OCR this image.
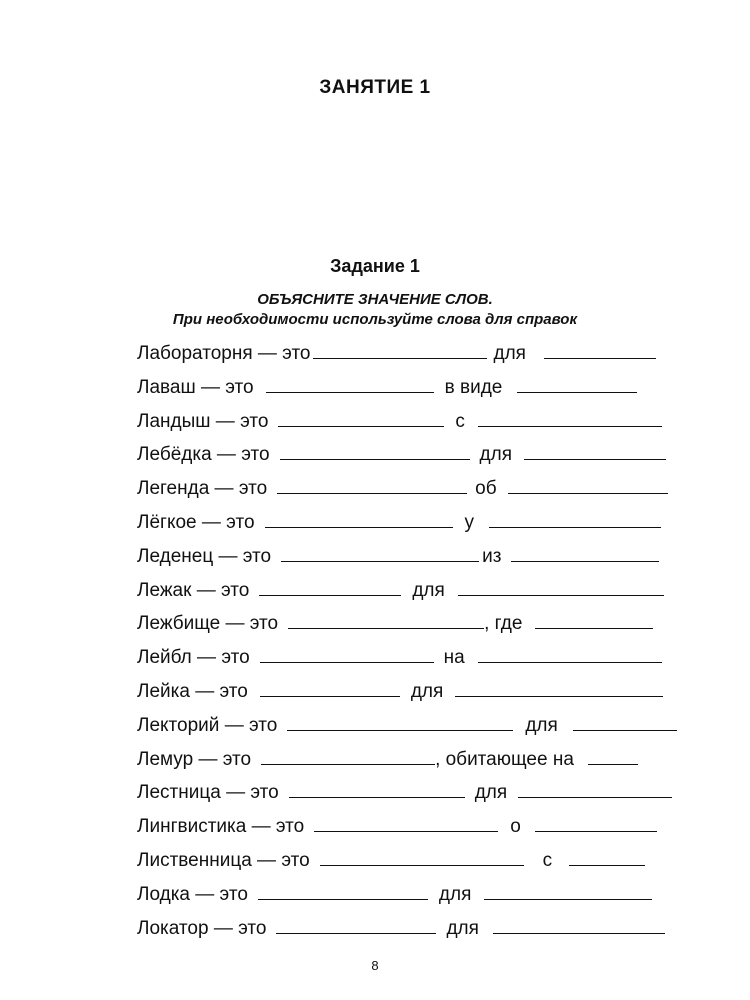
ЗАНЯТИЕ 1
Задание 1
ОБЪЯСНИТЕ ЗНАЧЕНИЕ СЛОВ.
При необходимости используйте слова для справок
Лабораторня — это	для
Лаваш — это	в виде
Ландыш — это	с
Лебёдка — это	для
Легенда — это	об
Лёгкое — это	у
Леденец — это	из
Лежак — это	для
Лежбище — это	, где
Лейбл — это	на
Лейка — это	для
Лекторий — это	для
Лемур — это	, обитающее на
Лестница — это	для
Лингвистика — это	о
Лиственница — это	с
Лодка — это	для
Локатор — это	для
8
